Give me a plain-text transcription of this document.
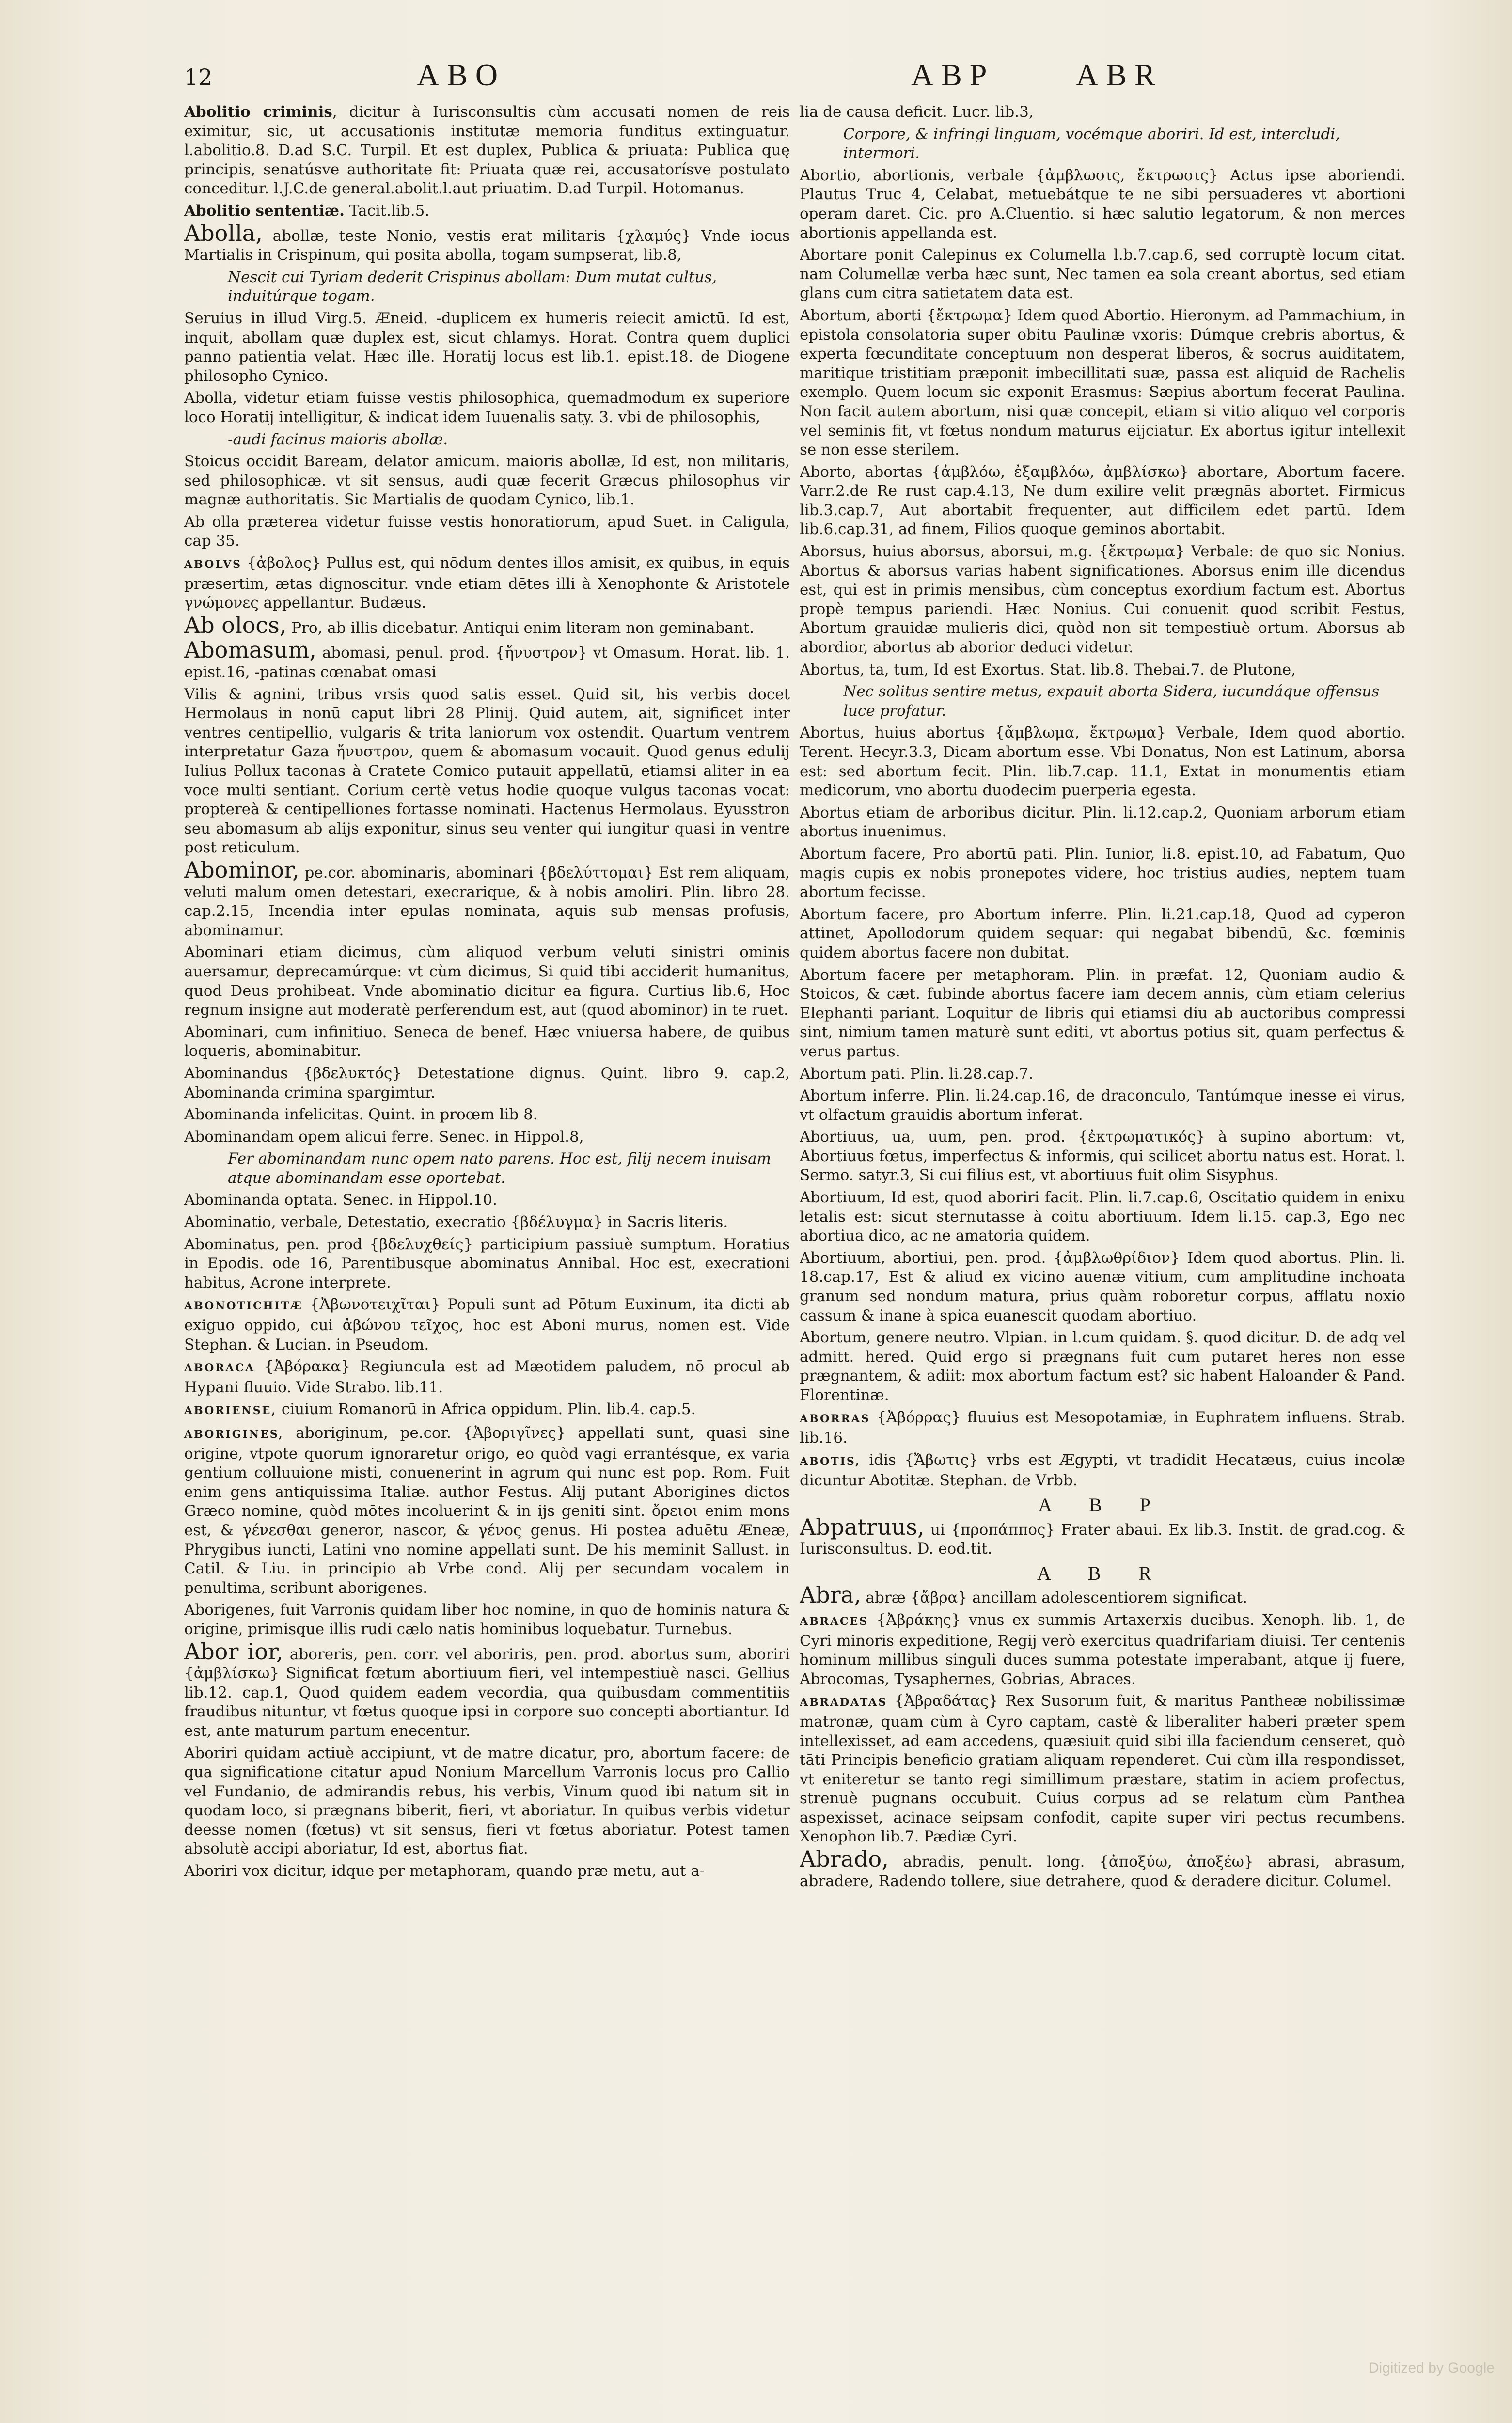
12	ABO	ABP	ABR

Abolitio criminis, dicitur à Iurisconsultis cùm accusati nomen de reis eximitur, sic, ut accusationis institutæ memoria funditus extinguatur. l.abolitio.8. D.ad S.C. Turpil. Et est duplex, Publica & priuata: Publica quę principis, senatúsve authoritate fit: Priuata quæ rei, accusatorísve postulato conceditur. l.J.C.de general.abolit.l.aut priuatim. D.ad Turpil. Hotomanus.

Abolitio sententiæ. Tacit.lib.5.

Abolla, abollæ, teste Nonio, vestis erat militaris {χλαμύς} Vnde iocus Martialis in Crispinum, qui posita abolla, togam sumpserat, lib.8,

Nescit cui Tyriam dederit Crispinus abollam: Dum mutat cultus, induitúrque togam.

Seruius in illud Virg.5. Æneid. -duplicem ex humeris reiecit amictū. Id est, inquit, abollam quæ duplex est, sicut chlamys. Horat. Contra quem duplici panno patientia velat. Hæc ille. Horatij locus est lib.1. epist.18. de Diogene philosopho Cynico.

Abolla, videtur etiam fuisse vestis philosophica, quemadmodum ex superiore loco Horatij intelligitur, & indicat idem Iuuenalis saty. 3. vbi de philosophis,

-audi facinus maioris abollæ.

Stoicus occidit Baream, delator amicum. maioris abollæ, Id est, non militaris, sed philosophicæ. vt sit sensus, audi quæ fecerit Græcus philosophus vir magnæ authoritatis. Sic Martialis de quodam Cynico, lib.1.

Ab olla præterea videtur fuisse vestis honoratiorum, apud Suet. in Caligula, cap 35.

ABOLVS {ἀβολος} Pullus est, qui nōdum dentes illos amisit, ex quibus, in equis præsertim, ætas dignoscitur. vnde etiam dētes illi à Xenophonte & Aristotele γνώμονες appellantur. Budæus.

Ab olocs, Pro, ab illis dicebatur. Antiqui enim literam non geminabant.

Abomasum, abomasi, penul. prod. {ἤνυστρον} vt Omasum. Horat. lib. 1. epist.16, -patinas cœnabat omasi

Vilis & agnini, tribus vrsis quod satis esset. Quid sit, his verbis docet Hermolaus in nonū caput libri 28 Plinij. Quid autem, ait, significet inter ventres centipellio, vulgaris & trita laniorum vox ostendit. Quartum ventrem interpretatur Gaza ἤνυστρον, quem & abomasum vocauit. Quod genus edulij Iulius Pollux taconas à Cratete Comico putauit appellatū, etiamsi aliter in ea voce multi sentiant. Corium certè vetus hodie quoque vulgus taconas vocat: proptereà & centipelliones fortasse nominati. Hactenus Hermolaus. Eyusstron seu abomasum ab alijs exponitur, sinus seu venter qui iungitur quasi in ventre post reticulum.

Abominor, pe.cor. abominaris, abominari {βδελύττομαι} Est rem aliquam, veluti malum omen detestari, execrarique, & à nobis amoliri. Plin. libro 28. cap.2.15, Incendia inter epulas nominata, aquis sub mensas profusis, abominamur.

Abominari etiam dicimus, cùm aliquod verbum veluti sinistri ominis auersamur, deprecamúrque: vt cùm dicimus, Si quid tibi acciderit humanitus, quod Deus prohibeat. Vnde abominatio dicitur ea figura. Curtius lib.6, Hoc regnum insigne aut moderatè perferendum est, aut (quod abominor) in te ruet.

Abominari, cum infinitiuo. Seneca de benef. Hæc vniuersa habere, de quibus loqueris, abominabitur.

Abominandus {βδελυκτός} Detestatione dignus. Quint. libro 9. cap.2, Abominanda crimina spargimtur.

Abominanda infelicitas. Quint. in proœm lib 8.

Abominandam opem alicui ferre. Senec. in Hippol.8,

Fer abominandam nunc opem nato parens. Hoc est, filij necem inuisam atque abominandam esse oportebat.

Abominanda optata. Senec. in Hippol.10.

Abominatio, verbale, Detestatio, execratio {βδέλυγμα} in Sacris literis.

Abominatus, pen. prod {βδελυχθείς} participium passiuè sumptum. Horatius in Epodis. ode 16, Parentibusque abominatus Annibal. Hoc est, execrationi habitus, Acrone interprete.

ABONOTICHITÆ {Ἀβωνοτειχῖται} Populi sunt ad Pōtum Euxinum, ita dicti ab exiguo oppido, cui ἀβώνου τεῖχος, hoc est Aboni murus, nomen est. Vide Stephan. & Lucian. in Pseudom.

ABORACA {Ἀβόρακα} Regiuncula est ad Mæotidem paludem, nō procul ab Hypani fluuio. Vide Strabo. lib.11.

ABORIENSE, ciuium Romanorū in Africa oppidum. Plin. lib.4. cap.5.

ABORIGINES, aboriginum, pe.cor. {Ἀβοριγῖνες} appellati sunt, quasi sine origine, vtpote quorum ignoraretur origo, eo quòd vagi errantésque, ex varia gentium colluuione misti, conuenerint in agrum qui nunc est pop. Rom. Fuit enim gens antiquissima Italiæ. author Festus. Alij putant Aborigines dictos Græco nomine, quòd mōtes incoluerint & in ijs geniti sint. ὄρειοι enim mons est, & γένεσθαι generor, nascor, & γένος genus. Hi postea aduētu Æneæ, Phrygibus iuncti, Latini vno nomine appellati sunt. De his meminit Sallust. in Catil. & Liu. in principio ab Vrbe cond. Alij per secundam vocalem in penultima, scribunt aborigenes.

Aborigenes, fuit Varronis quidam liber hoc nomine, in quo de hominis natura & origine, primisque illis rudi cælo natis hominibus loquebatur. Turnebus.

Abor ior, aboreris, pen. corr. vel aboriris, pen. prod. abortus sum, aboriri {ἀμβλίσκω} Significat fœtum abortiuum fieri, vel intempestiuè nasci. Gellius lib.12. cap.1, Quod quidem eadem vecordia, qua quibusdam commentitiis fraudibus nituntur, vt fœtus quoque ipsi in corpore suo concepti abortiantur. Id est, ante maturum partum enecentur.

Aboriri quidam actiuè accipiunt, vt de matre dicatur, pro, abortum facere: de qua significatione citatur apud Nonium Marcellum Varronis locus pro Callio vel Fundanio, de admirandis rebus, his verbis, Vinum quod ibi natum sit in quodam loco, si prægnans biberit, fieri, vt aboriatur. In quibus verbis videtur deesse nomen (fœtus) vt sit sensus, fieri vt fœtus aboriatur. Potest tamen absolutè accipi aboriatur, Id est, abortus fiat.

Aboriri vox dicitur, idque per metaphoram, quando præ metu, aut a-

lia de causa deficit. Lucr. lib.3,

Corpore, & infringi linguam, vocémque aboriri. Id est, intercludi, intermori.

Abortio, abortionis, verbale {ἀμβλωσις, ἔκτρωσις} Actus ipse aboriendi. Plautus Truc 4, Celabat, metuebátque te ne sibi persuaderes vt abortioni operam daret. Cic. pro A.Cluentio. si hæc salutio legatorum, & non merces abortionis appellanda est.

Abortare ponit Calepinus ex Columella l.b.7.cap.6, sed corruptè locum citat. nam Columellæ verba hæc sunt, Nec tamen ea sola creant abortus, sed etiam glans cum citra satietatem data est.

Abortum, aborti {ἔκτρωμα} Idem quod Abortio. Hieronym. ad Pammachium, in epistola consolatoria super obitu Paulinæ vxoris: Dúmque crebris abortus, & experta fœcunditate conceptuum non desperat liberos, & socrus auiditatem, maritique tristitiam præponit imbecillitati suæ, passa est aliquid de Rachelis exemplo. Quem locum sic exponit Erasmus: Sæpius abortum fecerat Paulina. Non facit autem abortum, nisi quæ concepit, etiam si vitio aliquo vel corporis vel seminis fit, vt fœtus nondum maturus eijciatur. Ex abortus igitur intellexit se non esse sterilem.

Aborto, abortas {ἀμβλόω, ἐξαμβλόω, ἀμβλίσκω} abortare, Abortum facere. Varr.2.de Re rust cap.4.13, Ne dum exilire velit prægnās abortet. Firmicus lib.3.cap.7, Aut abortabit frequenter, aut difficilem edet partū. Idem lib.6.cap.31, ad finem, Filios quoque geminos abortabit.

Aborsus, huius aborsus, aborsui, m.g. {ἔκτρωμα} Verbale: de quo sic Nonius. Abortus & aborsus varias habent significationes. Aborsus enim ille dicendus est, qui est in primis mensibus, cùm conceptus exordium factum est. Abortus propè tempus pariendi. Hæc Nonius. Cui conuenit quod scribit Festus, Abortum grauidæ mulieris dici, quòd non sit tempestiuè ortum. Aborsus ab abordior, abortus ab aborior deduci videtur.

Abortus, ta, tum, Id est Exortus. Stat. lib.8. Thebai.7. de Plutone,

Nec solitus sentire metus, expauit aborta Sidera, iucundáque offensus luce profatur.

Abortus, huius abortus {ἄμβλωμα, ἔκτρωμα} Verbale, Idem quod abortio. Terent. Hecyr.3.3, Dicam abortum esse. Vbi Donatus, Non est Latinum, aborsa est: sed abortum fecit. Plin. lib.7.cap. 11.1, Extat in monumentis etiam medicorum, vno abortu duodecim puerperia egesta.

Abortus etiam de arboribus dicitur. Plin. li.12.cap.2, Quoniam arborum etiam abortus inuenimus.

Abortum facere, Pro abortū pati. Plin. Iunior, li.8. epist.10, ad Fabatum, Quo magis cupis ex nobis pronepotes videre, hoc tristius audies, neptem tuam abortum fecisse.

Abortum facere, pro Abortum inferre. Plin. li.21.cap.18, Quod ad cyperon attinet, Apollodorum quidem sequar: qui negabat bibendū, &c. fœminis quidem abortus facere non dubitat.

Abortum facere per metaphoram. Plin. in præfat. 12, Quoniam audio & Stoicos, & cæt. fubinde abortus facere iam decem annis, cùm etiam celerius Elephanti pariant. Loquitur de libris qui etiamsi diu ab auctoribus compressi sint, nimium tamen maturè sunt editi, vt abortus potius sit, quam perfectus & verus partus.

Abortum pati. Plin. li.28.cap.7.

Abortum inferre. Plin. li.24.cap.16, de draconculo, Tantúmque inesse ei virus, vt olfactum grauidis abortum inferat.

Abortiuus, ua, uum, pen. prod. {ἐκτρωματικός} à supino abortum: vt, Abortiuus fœtus, imperfectus & informis, qui scilicet abortu natus est. Horat. l. Sermo. satyr.3, Si cui filius est, vt abortiuus fuit olim Sisyphus.

Abortiuum, Id est, quod aboriri facit. Plin. li.7.cap.6, Oscitatio quidem in enixu letalis est: sicut sternutasse à coitu abortiuum. Idem li.15. cap.3, Ego nec abortiua dico, ac ne amatoria quidem.

Abortiuum, abortiui, pen. prod. {ἀμβλωθρίδιον} Idem quod abortus. Plin. li. 18.cap.17, Est & aliud ex vicino auenæ vitium, cum amplitudine inchoata granum sed nondum matura, prius quàm roboretur corpus, afflatu noxio cassum & inane à spica euanescit quodam abortiuo.

Abortum, genere neutro. Vlpian. in l.cum quidam. §. quod dicitur. D. de adq vel admitt. hered. Quid ergo si prægnans fuit cum putaret heres non esse prægnantem, & adiit: mox abortum factum est? sic habent Haloander & Pand. Florentinæ.

ABORRAS {Ἀβόρρας} fluuius est Mesopotamiæ, in Euphratem influens. Strab. lib.16.

ABOTIS, idis {Ἄβωτις} vrbs est Ægypti, vt tradidit Hecatæus, cuius incolæ dicuntur Abotitæ. Stephan. de Vrbb.

A B P

Abpatruus, ui {προπάππος} Frater abaui. Ex lib.3. Instit. de grad.cog. & Iurisconsultus. D. eod.tit.

A B R

Abra, abræ {ἄβρα} ancillam adolescentiorem significat.

ABRACES {Ἀβράκης} vnus ex summis Artaxerxis ducibus. Xenoph. lib. 1, de Cyri minoris expeditione, Regij verò exercitus quadrifariam diuisi. Ter centenis hominum millibus singuli duces summa potestate imperabant, atque ij fuere, Abrocomas, Tysaphernes, Gobrias, Abraces.

ABRADATAS {Ἀβραδάτας} Rex Susorum fuit, & maritus Pantheæ nobilissimæ matronæ, quam cùm à Cyro captam, castè & liberaliter haberi præter spem intellexisset, ad eam accedens, quæsiuit quid sibi illa faciendum censeret, quò tāti Principis beneficio gratiam aliquam rependeret. Cui cùm illa respondisset, vt eniteretur se tanto regi simillimum præstare, statim in aciem profectus, strenuè pugnans occubuit. Cuius corpus ad se relatum cùm Panthea aspexisset, acinace seipsam confodit, capite super viri pectus recumbens. Xenophon lib.7. Pædiæ Cyri.

Abrado, abradis, penult. long. {ἀποξύω, ἀποξέω} abrasi, abrasum, abradere, Radendo tollere, siue detrahere, quod & deradere dicitur. Columel.

Digitized by Google
